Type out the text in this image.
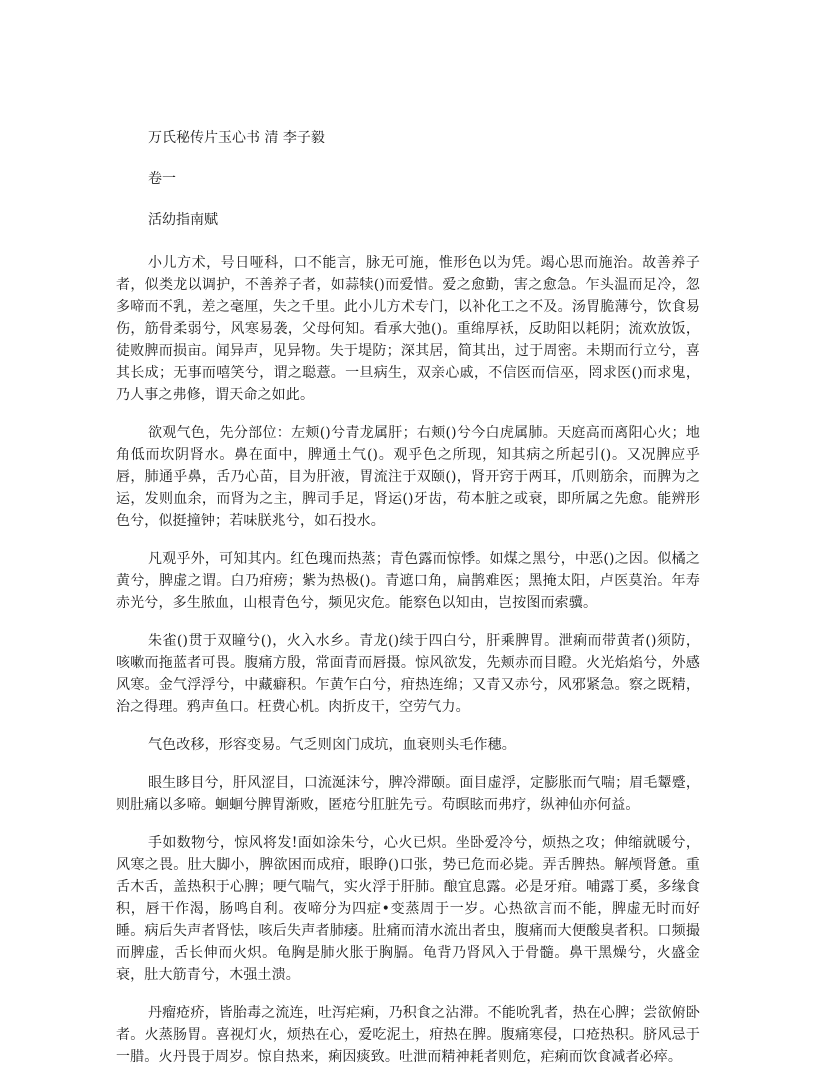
万氏秘传片玉心书 清 李子毅
卷一
活幼指南赋

小儿方术，号日哑科，口不能言，脉无可施，惟形色以为凭。竭心思而施治。故善养子者，似类龙以调护，不善养子者，如蒜犊()而爱惜。爱之愈勤，害之愈急。乍头温而足冷，忽多啼而不乳，差之毫厘，失之千里。此小儿方术专门，以补化工之不及。汤胃脆薄兮，饮食易伤，筋骨柔弱兮，风寒易袭，父母何知。看承大弛()。重绵厚袄，反助阳以耗阴；流欢放饭，徒败脾而损亩。闻异声，见异物。失于堤防；深其居，简其出，过于周密。未期而行立兮，喜其长成；无事而嘻笑兮，谓之聪薏。一旦病生，双亲心戚，不信医而信巫，罔求医()而求鬼，乃人事之弗修，谓天命之如此。

欲观气色，先分部位：左颊()兮青龙属肝；右颊()兮今白虎属肺。天庭高而离阳心火；地角低而坎阴肾水。鼻在面中，脾通土气()。观乎色之所现，知其病之所起引()。又况脾应乎唇，肺通乎鼻，舌乃心苗，目为肝液，胃流注于双颐()，肾开窍于两耳，爪则筋余，而脾为之运，发则血余，而肾为之主，脾司手足，肾运()牙齿，苟本脏之或衰，即所属之先愈。能辨形色兮，似挺撞钟；若味朕兆兮，如石投水。

凡观乎外，可知其内。红色瑰而热蒸；青色露而惊悸。如煤之黑兮，中恶()之因。似橘之黄兮，脾虚之谓。白乃疳痨；紫为热极()。青遮口角，扁鹊难医；黑掩太阳，卢医莫治。年寿赤光兮，多生脓血，山根青色兮，频见灾危。能察色以知由，岂按图而索骥。

朱雀()贯于双瞳兮()，火入水乡。青龙()续于四白兮，肝乘脾胃。泄痢而带黄者()须防，咳嗽而拖蓝者可畏。腹痛方殷，常面青而唇摄。惊风欲发，先颊赤而目瞪。火光焰焰兮，外感风寒。金气浮浮兮，中藏癖积。乍黄乍白兮，疳热连绵；又青又赤兮，风邪紧急。察之既精，治之得理。鸦声鱼口。枉费心机。肉折皮干，空劳气力。

气色改移，形容变易。气乏则囟门成坑，血衰则头毛作穗。

眼生眵目兮，肝风涩目，口流涎沫兮，脾冷滞颐。面目虚浮，定膨胀而气喘；眉毛颦蹙，则肚痛以多啼。蛔蛔兮脾胃渐败，匿疮兮肛脏先亏。苟暝眩而弗疗，纵神仙亦何益。

手如数物兮，惊风将发!面如涂朱兮，心火已炽。坐卧爱冷兮，烦热之攻；伸缩就暖兮，风寒之畏。肚大脚小，脾欲困而成疳，眼睁()口张，势已危而必毙。弄舌脾热。解颅肾惫。重舌木舌，盖热积于心脾；哽气喘气，实火浮于肝肺。酿宜息露。必是牙疳。哺露丁奚，多缘食积，唇干作渴，肠鸣自利。夜啼分为四症•变蒸周于一岁。心热欲言而不能，脾虚无时而好睡。病后失声者肾怯，咳后失声者肺痿。肚痛而清水流出者虫，腹痛而大便酸臭者积。口频撮而脾虚，舌长伸而火炽。龟胸是肺火胀于胸膈。龟背乃肾风入于骨髓。鼻干黑燥兮，火盛金衰，肚大筋青兮，木强土溃。

丹瘤疮疥，皆胎毒之流连，吐泻疟痢，乃积食之沾滞。不能吮乳者，热在心脾；尝欲俯卧者。火蒸肠胃。喜视灯火，烦热在心，爱吃泥土，疳热在脾。腹痛寒侵，口疮热积。脐风忌于一腊。火丹畏于周岁。惊自热来，痢因痰致。吐泄而精神耗者则危，疟痢而饮食减者必瘁。
